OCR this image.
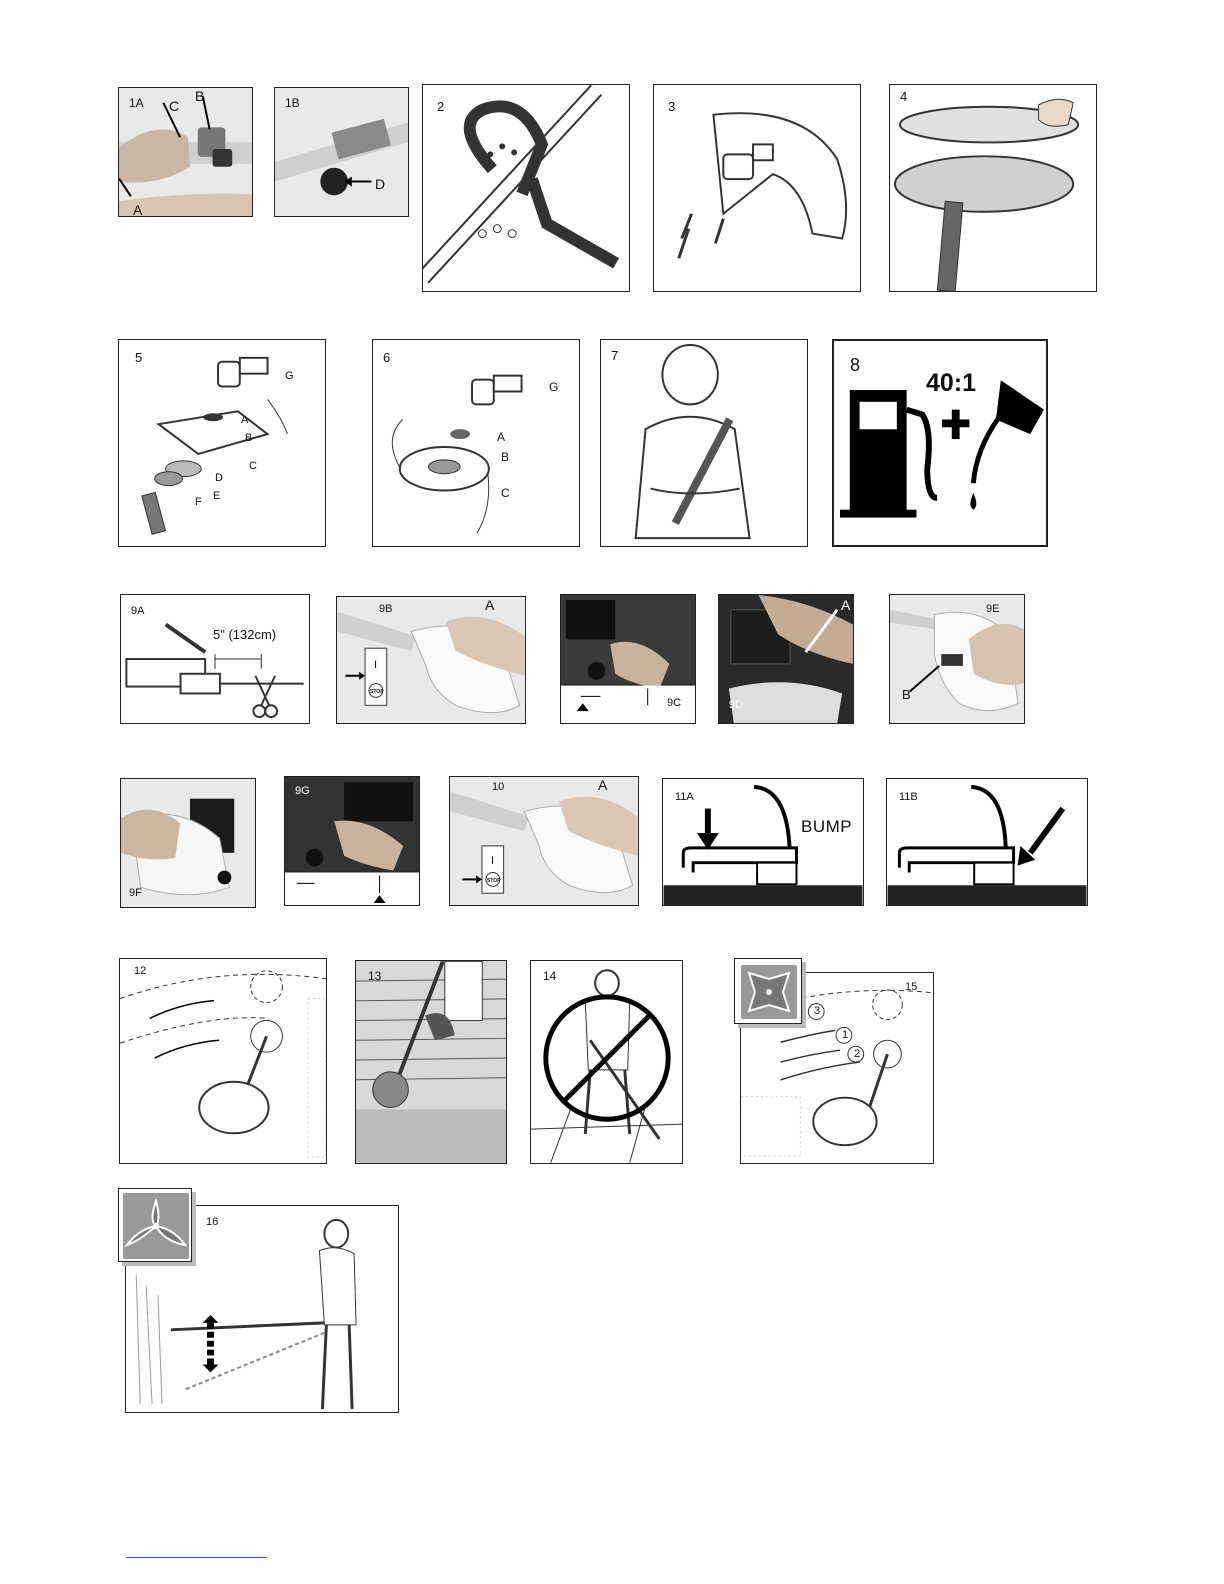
1A C
B
A
1B
D
2	3
4
5
G
A
B
C
D
E
F
6
G
A
B
C
7	8
40:1
9A
5" (132cm)
9B	A
I
STOP
9C	9D
A	9E
B
9F
9G	10	A
I
STOP
11A
BUMP
11B
12	13	14
15
3
1
2
16
